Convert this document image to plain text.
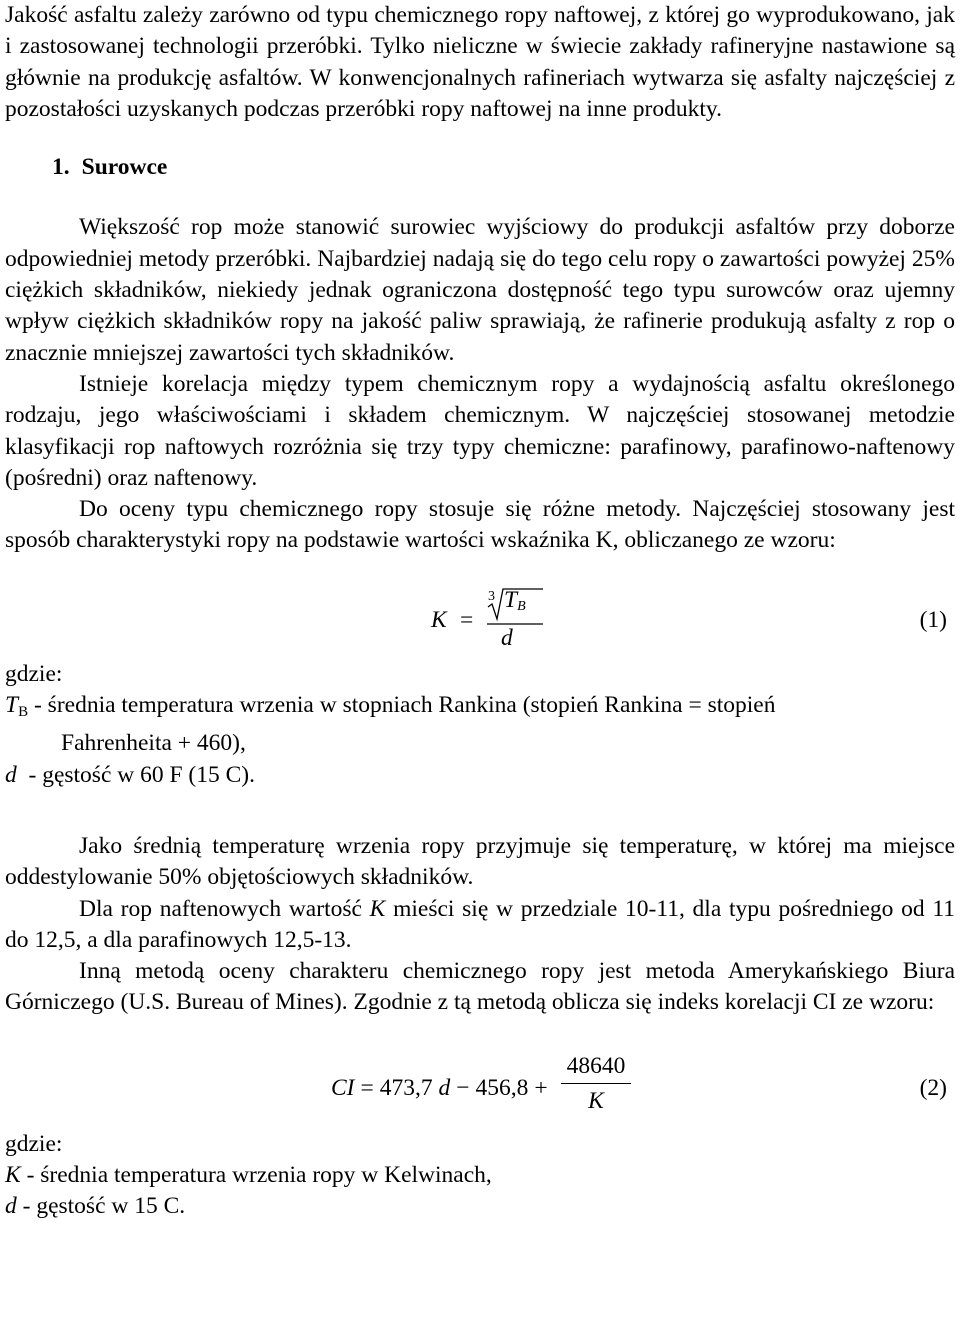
Jakość asfaltu zależy zarówno od typu chemicznego ropy naftowej, z której go wyprodukowano, jak i zastosowanej technologii przeróbki. Tylko nieliczne w świecie zakłady rafineryjne nastawione są głównie na produkcję asfaltów. W konwencjonalnych rafineriach wytwarza się asfalty najczęściej z pozostałości uzyskanych podczas przeróbki ropy naftowej na inne produkty.

1. Surowce

Większość rop może stanowić surowiec wyjściowy do produkcji asfaltów przy doborze odpowiedniej metody przeróbki. Najbardziej nadają się do tego celu ropy o zawartości powyżej 25% ciężkich składników, niekiedy jednak ograniczona dostępność tego typu surowców oraz ujemny wpływ ciężkich składników ropy na jakość paliw sprawiają, że rafinerie produkują asfalty z rop o znacznie mniejszej zawartości tych składników.

Istnieje korelacja między typem chemicznym ropy a wydajnością asfaltu określonego rodzaju, jego właściwościami i składem chemicznym. W najczęściej stosowanej metodzie klasyfikacji rop naftowych rozróżnia się trzy typy chemiczne: parafinowy, parafinowo-naftenowy (pośredni) oraz naftenowy.

Do oceny typu chemicznego ropy stosuje się różne metody. Najczęściej stosowany jest sposób charakterystyki ropy na podstawie wartości wskaźnika K, obliczanego ze wzoru:

K =
3 $T_B$
d
(1)
gdzie:
$T_B$ - średnia temperatura wrzenia w stopniach Rankina (stopień Rankina = stopień
Fahrenheita + 460),
d  - gęstość w 60 F (15 C).

Jako średnią temperaturę wrzenia ropy przyjmuje się temperaturę, w której ma miejsce oddestylowanie 50% objętościowych składników.

Dla rop naftenowych wartość K mieści się w przedziale 10-11, dla typu pośredniego od 11 do 12,5, a dla parafinowych 12,5-13.

Inną metodą oceny charakteru chemicznego ropy jest metoda Amerykańskiego Biura Górniczego (U.S. Bureau of Mines). Zgodnie z tą metodą oblicza się indeks korelacji CI ze wzoru:

CI = 473,7 d − 456,8 +
48640
K
(2)
gdzie:
K - średnia temperatura wrzenia ropy w Kelwinach,
d - gęstość w 15 C.
